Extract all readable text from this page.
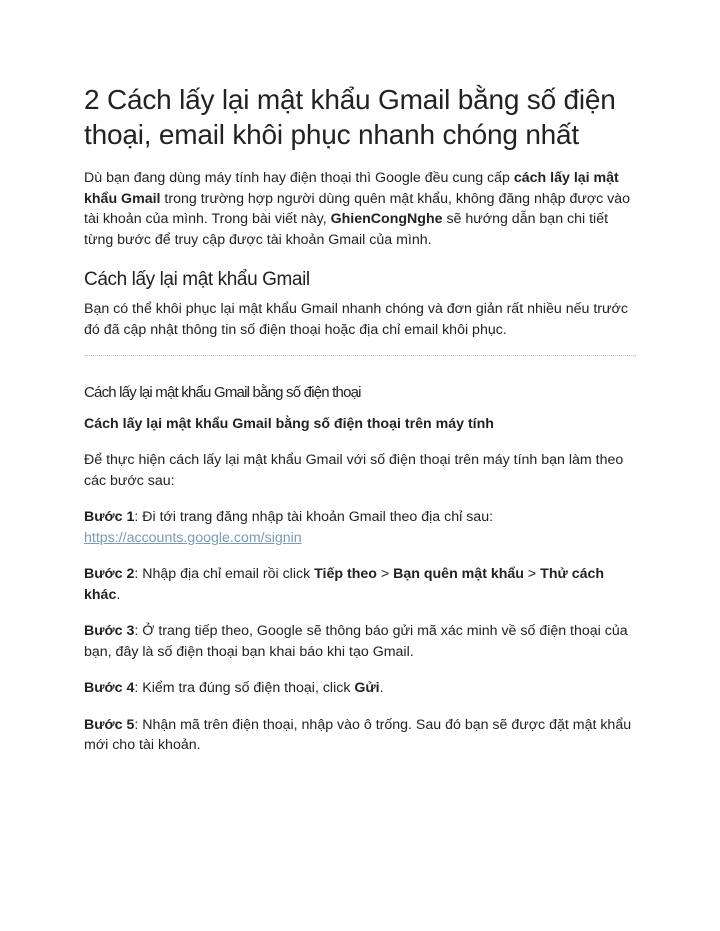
2 Cách lấy lại mật khẩu Gmail bằng số điện thoại, email khôi phục nhanh chóng nhất

Dù bạn đang dùng máy tính hay điện thoại thì Google đều cung cấp cách lấy lại mật khẩu Gmail trong trường hợp người dùng quên mật khẩu, không đăng nhập được vào tài khoản của mình. Trong bài viết này, GhienCongNghe sẽ hướng dẫn bạn chi tiết từng bước để truy cập được tài khoản Gmail của mình.

Cách lấy lại mật khẩu Gmail

Bạn có thể khôi phục lại mật khẩu Gmail nhanh chóng và đơn giản rất nhiều nếu trước đó đã cập nhật thông tin số điện thoại hoặc địa chỉ email khôi phục.

Cách lấy lại mật khẩu Gmail bằng số điện thoại
Cách lấy lại mật khẩu Gmail bằng số điện thoại trên máy tính

Để thực hiện cách lấy lại mật khẩu Gmail với số điện thoại trên máy tính bạn làm theo các bước sau:

Bước 1: Đi tới trang đăng nhập tài khoản Gmail theo địa chỉ sau: https://accounts.google.com/signin

Bước 2: Nhập địa chỉ email rồi click Tiếp theo > Bạn quên mật khẩu > Thử cách khác.

Bước 3: Ở trang tiếp theo, Google sẽ thông báo gửi mã xác minh về số điện thoại của bạn, đây là số điện thoại bạn khai báo khi tạo Gmail.

Bước 4: Kiểm tra đúng số điện thoại, click Gửi.

Bước 5: Nhận mã trên điện thoại, nhập vào ô trống. Sau đó bạn sẽ được đặt mật khẩu mới cho tài khoản.
